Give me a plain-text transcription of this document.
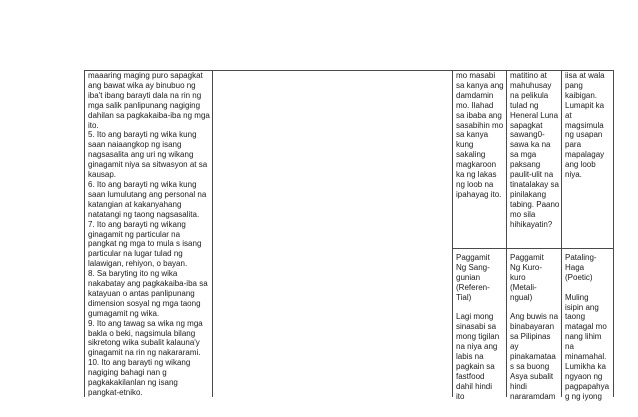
maaaring maging puro sapagkat
ang bawat wika ay binubuo ng
iba't ibang barayti dala na rin ng
mga salik panlipunang nagiging
dahilan sa pagkakaiba-iba ng mga
ito.
5. Ito ang barayti ng wika kung
saan naiaangkop ng isang
nagsasalita ang uri ng wikang
ginagamit niya sa sitwasyon at sa
kausap.
6. Ito ang barayti ng wika kung
saan lumulutang ang personal na
katangian at kakanyahang
natatangi ng taong nagsasalita.
7. Ito ang barayti ng wikang
ginagamit ng particular na
pangkat ng mga to mula s isang
particular na lugar tulad ng
lalawigan, rehiyon, o bayan.
8. Sa baryting ito ng wika
nakabatay ang pagkakaiba-iba sa
katayuan o antas panlipunang
dimension sosyal ng mga taong
gumagamit ng wika.
9. Ito ang tawag sa wika ng mga
bakla o beki, nagsimula bilang
sikretong wika subalit kalauna'y
ginagamit na rin ng nakararami.
10. Ito ang barayti ng wikang
nagiging bahagi nan g
pagkakakilanlan ng isang
pangkat-etniko.
mo masabi
sa kanya ang
damdamin
mo. Ilahad
sa ibaba ang
sasabihin mo
sa kanya
kung
sakaling
magkaroon
ka ng lakas
ng loob na
ipahayag ito.
matitino at
mahuhusay
na pelikula
tulad ng
Heneral Luna
sapagkat
sawang0-
sawa ka na
sa mga
paksang
paulit-ulit na
tinatalakay sa
pinilakang
tabing. Paano
mo sila
hihikayatin?
iisa at wala
pang
kaibigan.
Lumapit ka
at
magsimula
ng usapan
para
mapalagay
ang loob
niya.
Paggamit
Ng Sang-
gunian
(Referen-
Tial)

Lagi mong
sinasabi sa
mong tigilan
na niya ang
labis na
pagkain sa
fastfood
dahil hindi
ito
Paggamit
Ng Kuro-
kuro
(Metali-
ngual)

Ang buwis na
binabayaran
sa Pilipinas
ay
pinakamataa
s sa buong
Asya subalit
hindi
nararamdam
Pataling-
Haga
(Poetic)

Muling
isipin ang
taong
matagal mo
nang lihim
na
minamahal.
Lumikha ka
ngyaon ng
pagpapahya
g ng iyong
